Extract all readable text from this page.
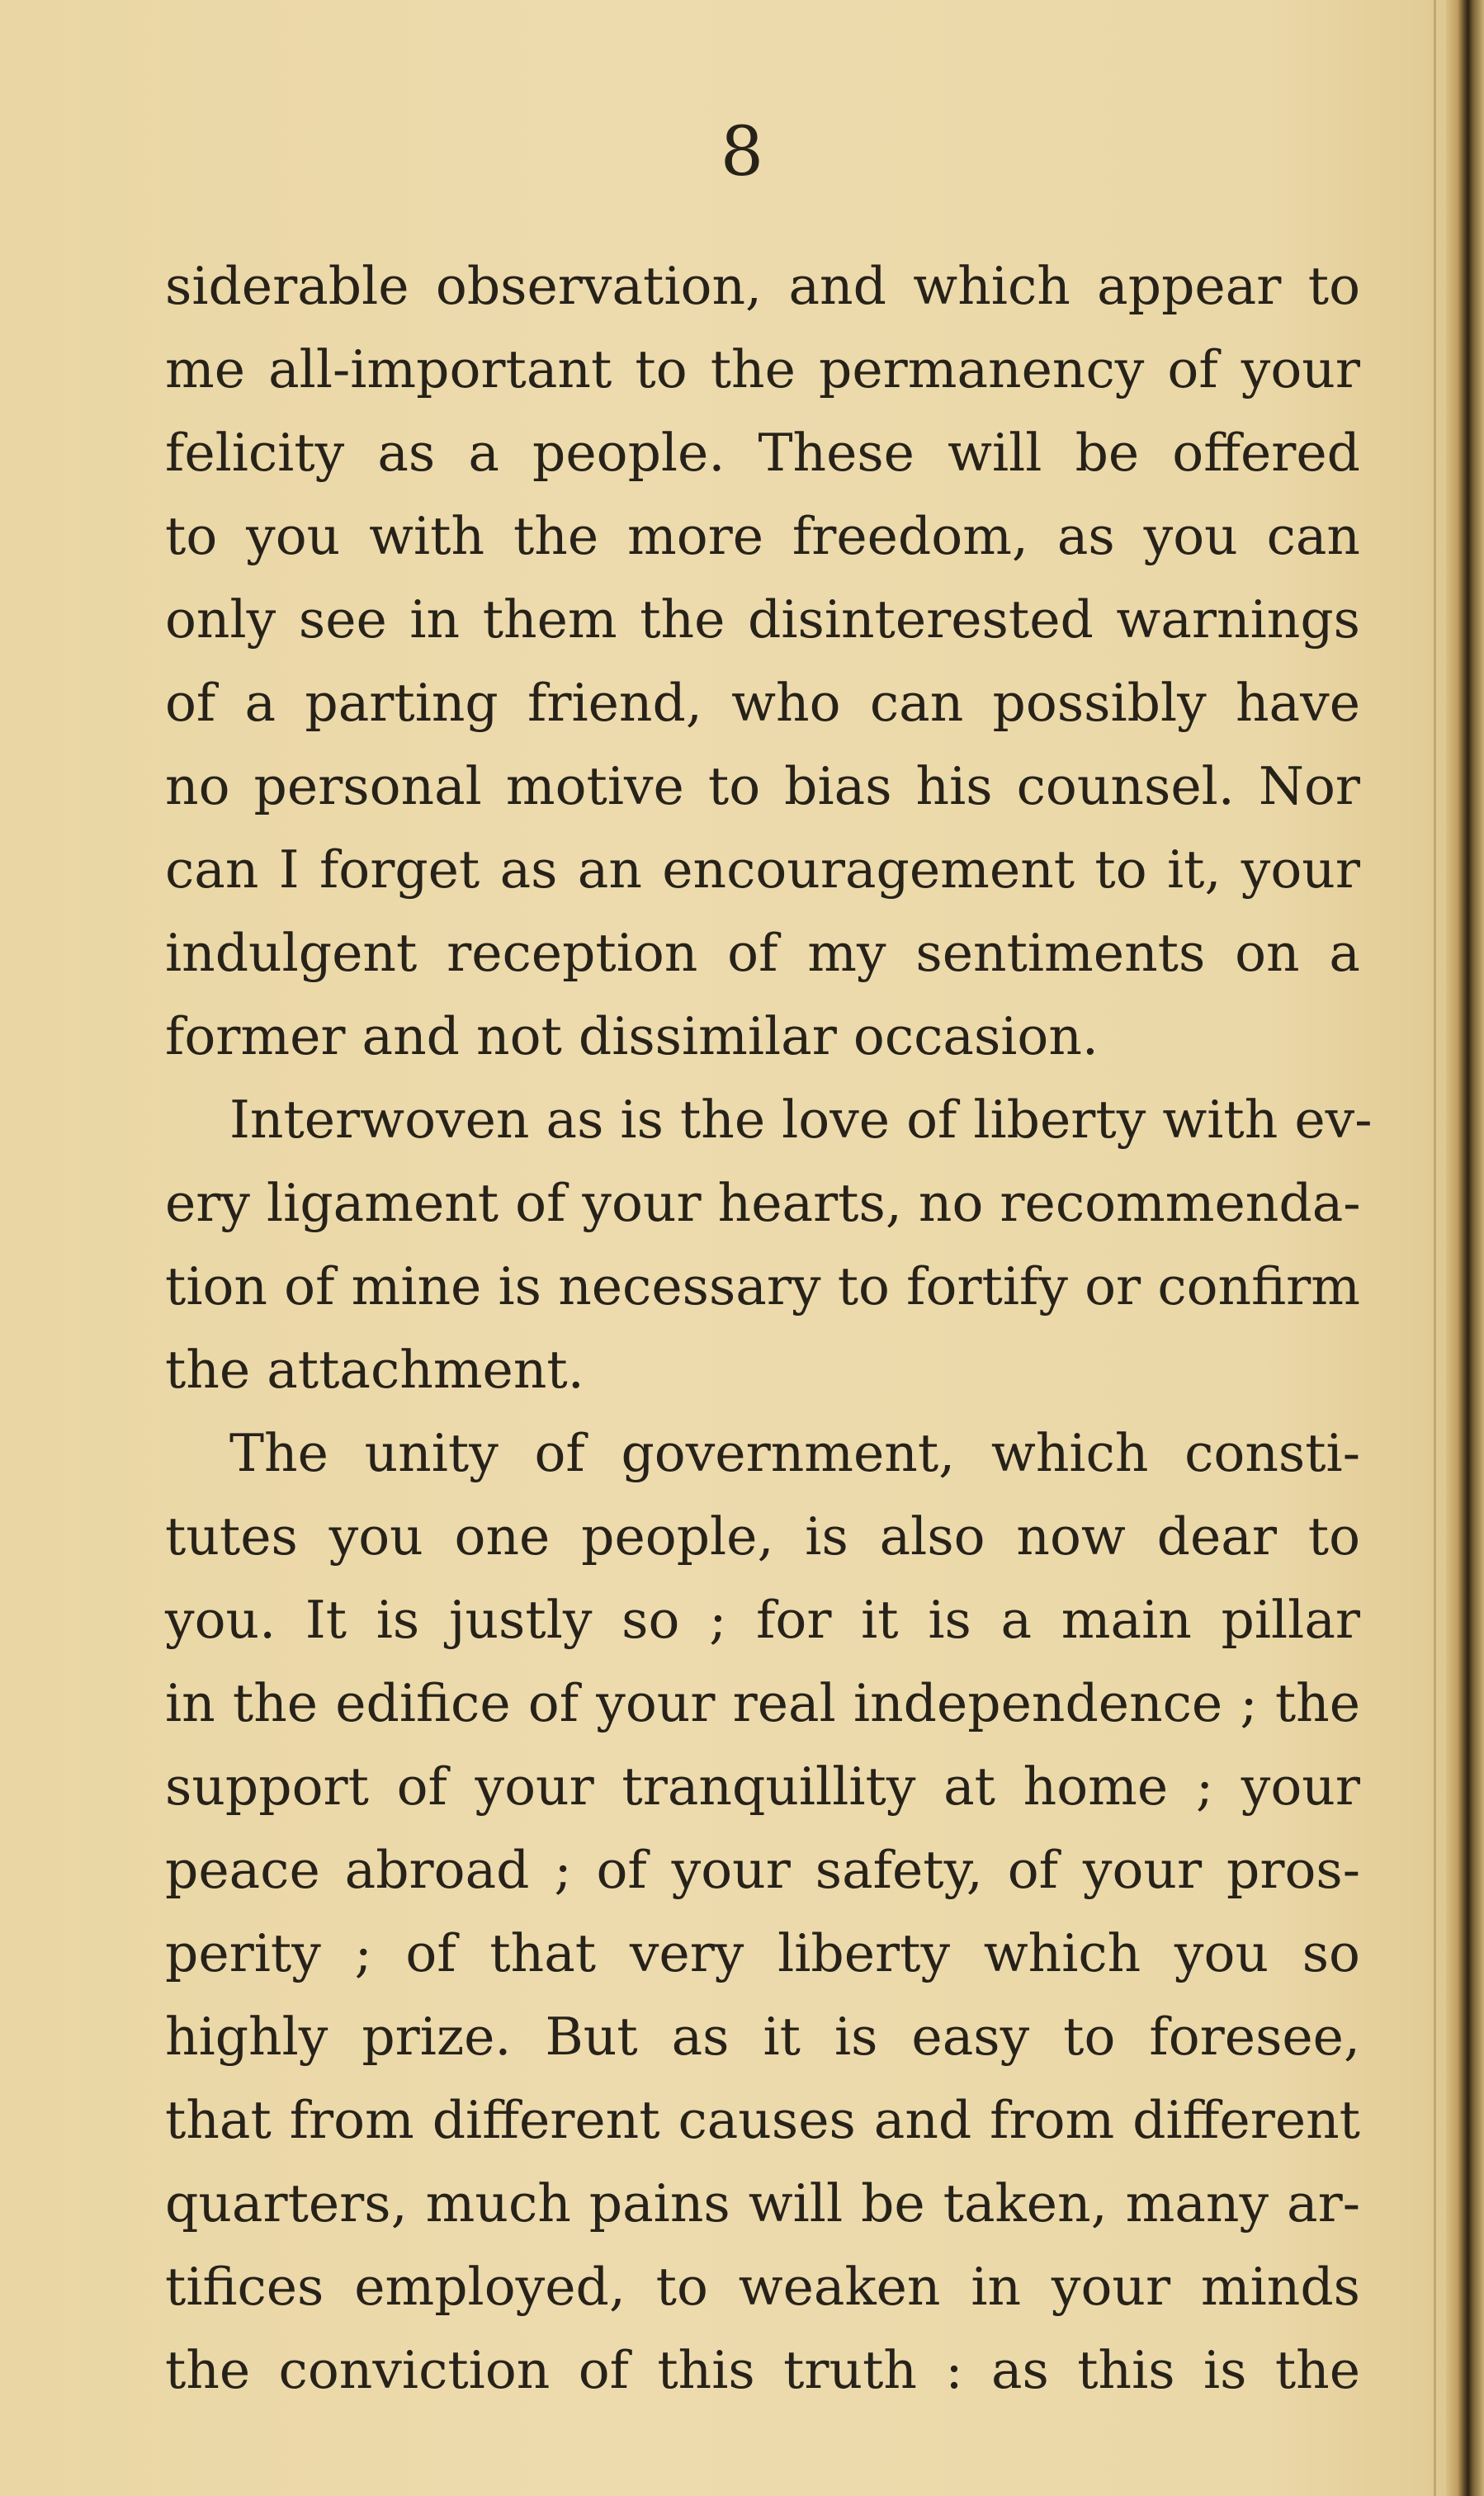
8
siderable observation, and which appear to
me all-important to the permanency of your
felicity as a people. These will be offered
to you with the more freedom, as you can
only see in them the disinterested warnings
of a parting friend, who can possibly have
no personal motive to bias his counsel. Nor
can I forget as an encouragement to it, your
indulgent reception of my sentiments on a
former and not dissimilar occasion.
Interwoven as is the love of liberty with ev-
ery ligament of your hearts, no recommenda-
tion of mine is necessary to fortify or confirm
the attachment.
The unity of government, which consti-
tutes you one people, is also now dear to
you. It is justly so ; for it is a main pillar
in the edifice of your real independence ; the
support of your tranquillity at home ; your
peace abroad ; of your safety, of your pros-
perity ; of that very liberty which you so
highly prize. But as it is easy to foresee,
that from different causes and from different
quarters, much pains will be taken, many ar-
tifices employed, to weaken in your minds
the conviction of this truth : as this is the
